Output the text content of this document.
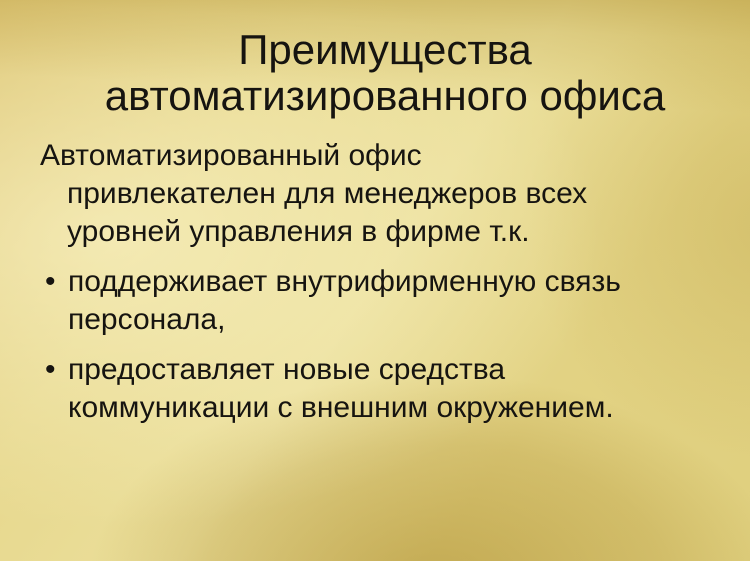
Преимущества автоматизированного офиса

Автоматизированный офис привлекателен для менеджеров всех уровней управления в фирме т.к.

• поддерживает внутрифирменную связь персонала,
• предоставляет новые средства коммуникации с внешним окружением.
